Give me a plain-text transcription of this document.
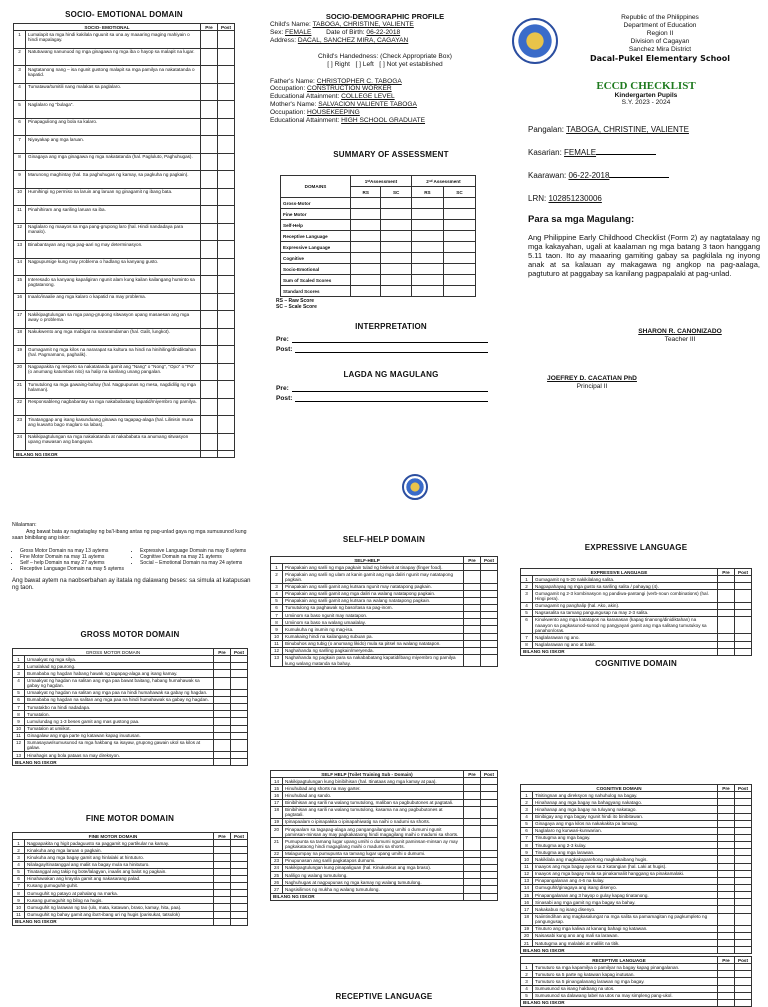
SOCIO- EMOTIONAL DOMAIN
SOCIO- EMOTIONAL		Pre	Post
1	Lumalapit sa mga hindi kakilala nguunit sa una ay maaaring maging mahiyain o hindi mapalagay.		
2	Natutuwang nanunuod ng mga ginagawa ng mga iba o hayop sa malapit na lugar.		
3	Nagtatanong nang – isa ngunit gustong malapit sa mga pamilya na nakatatanda o kapatid.		
4	Tumatawa/tumitili nang malakas sa paglalaro.		
5	Naglalaro ng "bulaga".		
6	Pinapaguliong ang bola sa kalaro.		
7	Niyayakap ang mga laruan.		
8	Ginagaya ang mga ginagawa ng mga nakatatanda (hal. Pagluluto, Paghuhugas).		
9	Marunong maghintay (hal. Sa paghuhugas ng kamay, sa pagkuha ng pagkain).		
10	Humihingi ng permiso na laruin ang laruan ng ginagamit ng ibang bata.		
11	Pinahihiram ang sariling laruan sa iba.		
12	Naglalaro ng maayos sa mga pang-grupong laro (hal. Hindi nandadaya para manalo).		
13	Binabantayan ang mga pag-aari ng may determinasyon.		
14	Nagpupursige kung may problema o hadlang sa kanyang gusto.		
15	Interesado sa kanyang kapaligiran ngunit alam kung kailan kailangang huminto sa pagtatanong.		
16	Inaalo/inaalie ang mga kalaro o kapatid na may problema.		
17	Nakikipagtulungan sa mga pang-grupong sitwasyon upang masaesan ang mga away o problema.		
18	Nakukwento ang mga mabigat na nararamdaman (hal. Galit, lungkot).		
19	Gumagamit ng mga kilos na nararapat sa kultura na hindi na hinihiling/dinidiktahan (hal. Pagmamano, paghalik).		
20	Nagpapakita ng respeto sa nakatatanda gamit ang "Nang" o "Nong", "Opo" o "Po" (o anumang katumbas nito) sa halip na kanilang unang pangalan.		
21	Tumutulong sa mga gawaing-bahay (hal. Nagpupunas ng mesa, nagdidilig ng mga halaman).		
22	Responsableng nagbabantay sa mga nakababatang kapatid/miyembro ng pamilya.		
23	Tinatanggap ang isang kasunduang ginawa ng tagapag-alaga (hal. Lilinisin muna ang kuwarto bago maglaro sa labas).		
24	Nakikipagtulungan sa mga nakakatanda at nakababata sa anumang sitwasyon upang mawasan ang bangayan.		
BILANG NG ISKOR			
SOCIO-DEMOGRAPHIC PROFILE
Child's Name: TABOGA, CHRISTINE, VALIENTE
Sex: FEMALE Date of Birth: 06-22-2018
Address: DACAL, SANCHEZ MIRA, CAGAYAN
Child's Handedness: (Check Appropriate Box)
[ ] Right   [ ] Left   [ ] Not yet established
Father's Name: CHRISTOPHER C. TABOGA
Occupation: CONSTRUCTION WORKER
Educational Attainment: COLLEGE LEVEL
Mother's Name: SALVACION VALIENTE TABOGA
Occupation: HOUSEKEEPING
Educational Attainment: HIGH SCHOOL GRADUATE
SUMMARY OF ASSESSMENT
DOMAINS	1ˢᵗAssessment		2ⁿᵈ Assessment	
	RS	SC	RS	SC
Gross-Motor				
Fine Motor				
Self-Help				
Receptive Language				
Expressive Language				
Cognitive				
Socio-Emotional				
Sum of Scaled Scores				
Standard Scores				
RS – Raw Score
SC – Scale Score
INTERPRETATION
Pre:
Post:
LAGDA NG MAGULANG
Pre:
Post:
Republic of the Philippines
Department of Education
Region II
Division of Cagayan
Sanchez Mira District
Dacal-Pukel Elementary School
ECCD CHECKLIST
Kindergarten Pupils
S.Y. 2023 - 2024
Pangalan: TABOGA, CHRISTINE, VALIENTE
Kasarian: FEMALE
Kaarawan: 06-22-2018
LRN: 102851230006
Para sa mga Magulang:
Ang Philippine Early Childhood Checklist (Form 2) ay nagtatalaay ng mga kakayahan, ugali at kaalaman ng mga batang 3 taon hanggang 5.11 taon. Ito ay maaaring gamiting gabay sa pagkilala ng inyong anak at sa kalauan ay makagawa ng angkop na pag-aalaga, pagtuturo at paggabay sa kanilang pagpapalaki at pag-unlad.
SHARON R. CANONIZADO
Teacher III
JOEFREY D. CACATIAN PhD
Principal II
Nilalaman:
Ang bawat bata ay nagtataglay ng ba'l-ibang antas ng pag-unlad gaya ng mga sumusunod kung saan binibilang ang iskor:
• Gross Motor Domain na may 13 aytems
• Fine Motor Domain na may 11 aytems
• Self – help Domain na may 27 aytems
• Receptive Language Domain na may 5 aytems
• Expressive Language Domain na may 8 aytems
• Cognitive Domain na may 21 aytems
• Social – Emotional Domain na may 24 aytems
Ang bawat aytem na naobserbahan ay itatala ng dalawang beses: sa simula at katapusan ng taon.
GROSS MOTOR DOMAIN
GROSS MOTOR DOMAIN		Pre	Post
1	Umaakyat ng mga silya.		
2	Lumalakad ng paurong.		
3	Bumababa ng hagdan habang hawak ng tagapag-alaga ang isang kamay.		
4	Umaakyat ng hagdan na salitan ang mga paa bawat baitang, habang humahawak sa gabay ng hagdan.		
5	Umaakyat ng hagdan na salitan ang mga paa na hindi humahawak sa gabay ng hagdan.		
6	Bumababa ng hagdan na salitan ang mga paa na hindi humahawak sa gabay ng hagdan.		
7	Tumatakbo na hindi nadadapa.		
8	Tumatalon.		
9	Lumulundag ng 1-3 beses gamit ang mas gustong paa.		
10	Tumatalon at umiikot.		
11	Ginagalaw ang mga parte ng katawan kapag inuutusan.		
12	Sumasayaw/sumusunod sa mga hakbang sa isayaw, grupong gawain ukol sa kilos at galaw.		
13	Hinahagis ang bola pataas na may direksyon.		
BILANG NG ISKOR			
FINE MOTOR DOMAIN
FINE MOTOR DOMAIN		Pre	Post
1	Nagpapakita ng higit padaguusto sa paggamit ng partikular na kamay.		
2	Kinakuha ang mga laruan o pagkain.		
3	Kinukuha ang mga bagay gamit ang hinlalaki at hintuturo.		
4	Nilalagay/tinatanggal ang maliit na bagay mula sa hinituturo.		
5	Tinatanggal ang takip ng bote/lalagyan, inaalis ang balot ng pagkain.		
6	Hinahawakan ang krayola gamit ang nakasarang palad.		
7	Kusang gumuguhit-guhit.		
8	Gumuguhit ng patayo at pahalang na marka.		
9	Kusang gumuguhit ng bilog na hugis.		
10	Gumuguhit ng larawan ng tao (ulo, mata, katawan, braso, kamay, hita, paa).		
11	Gumuguhit ng bahay gamit ang iba't-ibang uri ng hugis (parisukat, tatsulok)		
BILANG NG ISKOR			
SELF-HELP DOMAIN
SELF-HELP		Pre	Post
1	Pinapakain ang sarili ng mga pagkain tulad ng biskwit at tinapay (finger food).		
2	Pinapakain ang sarili ng ulam at kanin gamit ang mga daliri ngunit may natatapong pagkain.		
3	Pinapakain ang sarili gamit ang kutsara ngunit may natatapong pagkain.		
4	Pinapakain ang sarili gamit ang mga daliri na walang natatapong pagkain.		
5	Pinapakain ang sarili gamit ang kutsara na walang natatapong pagkain.		
6	Tumutulong sa paghawak ng baso/tasa sa pag-inom.		
7	Umiinom sa baso ngunit may natatapon.		
8	Umiinom sa baso na walang umaalalay.		
9	Kumukuha ng inumin ng mag-isa.		
10	Kumakaing hindi na kailangang subuan pa.		
11	Binubuhos ang tubig (o anumang likido) mula sa pitsel na walang natatapon.		
12	Naghahanda ng sariling pagkain/meryenda.		
13	Naghahanda ng pagkain para sa nakababatang kapatid/ibang miyembro ng pamilya kung walang matanda sa bahay.		
SELF HELP (Toilet Training Sub - Domain)		Pre	Post
14	Nakikipagtulungan kung binibihisan (hal. Itinataas ang mga kamay at paa).		
15	Hinuhubad ang shorts na may garter.		
16	Hinuhubad ang sando.		
17	Binibihisan ang sarili na walang tumutulong, maliban sa pagbubutones at pagtatali.		
18	Binibihisan ang sarili na walang tumutulong, kasama na ang pagbubutones at pagtatali.		
19	Ipinapaalam o ipinapakita o ipinapahiwatig na naihi o nadumi sa shorts.		
20	Pinapaalam sa tagapag-alaga ang pangangailangang umihi o dumumi ngunit paminsan-minsan ay may pagkakataong hindi magagilang maihi o madumi sa shorts.		
21	Pumupunta sa tamang lugar upang umihi o dumumi ngunit paminsan-minsan ay may pagkakataong hindi magagilang maihi o madumi sa shorts.		
22	Malagumpay na pumupunta sa tamang lugar upang umihi o dumumi.		
23	Pinupunasan ang sarili pagkatapos dumumi.		
24	Nakikipagtulungan kung pinapaliguan (hal. Kinukuskus ang mga braso).		
25	Naliligo ng walang tumutulong.		
26	Naghuhugas at nagpupunas ng mga kamay ng walang tumutulong.		
27	Nagsisilimos ng mukha ng walang tumutulong.		
BILANG NG ISKOR			
RECEPTIVE LANGUAGE
EXPRESSIVE LANGUAGE
EXPRESSIVE LANGUAGE		Pre	Post
1	Gumagamit ng 5-20 nakikilalang salita.		
2	Nagpapahayag ng mga gusto sa sariling salita / pahayag (4).		
3	Gumagamit ng 2-3 kombinasyon ng pandiwa-pantangi (verb-noun combinations) (hal. Hingi pera).		
4	Gumagamit ng panghalip (hal. Ako, akin).		
5	Nagsasalita sa tamang pangungusap na may 2-3 salita.		
6	Kinukwento ang mga katatapos na karanasan (kapag tinanong/dinidiktahan) na naaayon sa pagkasunod-sunod ng pangyayari gamit ang mga salitang tumutukoy sa panahon/oras.		
7	Naglalarawan ng ano.		
8	Naglalarawan ng ano at bakit.		
BILANG NG ISKOR			
COGNITIVE DOMAIN
COGNITIVE DOMAIN		Pre	Post
1	Tinitingnan ang direksyon ng nahuhulog na bagay.		
2	Hinahanap ang mga bagay na bahagyang nakatago.		
3	Hinahanap ang mga bagay na tuluyang nakatago.		
4	Binibigay ang mga bagay ngunit hindi ito binibitawan.		
5	Ginagaya ang mga kilos na nakakakita pa lamang.		
6	Naglalaro ng kunwari-kunwarian.		
7	Tinutugma ang mga bagay.		
8	Tinutugma ang 2-3 kulay.		
9	Tinutugma ang mga larawan.		
10	Nakikilala ang magkakaparehong magkakaibang hugis.		
11	Inaayos ang mga bagay ayon sa 2 katangian (hal. Laki at hugis).		
12	Inaayos ang mga bagay mula sa pinakamaliit hanggang sa pinakamalaki.		
13	Pinapangalanan ang 4-6 na kulay.		
14	Gumuguhit/ginagaya ang isang disenyo.		
15	Pinapangalanan ang 3 hayop o gulay kapag tinatanong.		
16	Sinasabi ang mga gamit ng mga bagay sa bahay.		
17	Nakakabuo ng isang disenyo.		
18	Naiintindihan ang magkasalungat na mga salita sa pamamagitan ng pagkumpleto ng pangungusap.		
19	Tinuturo ang mga kaliwa at kanang bahagi ng katawan.		
20	Naisasabi kung ano ang mali sa larawan.		
21	Natutugma ang malalaki at maliliit na titik.		
BILANG NG ISKOR			
RECEPTIVE LANGUAGE		Pre	Post
1	Tumuturo sa mga kapamilya o pamilyar na bagay kapag pinangalanan.		
2	Tumuturo sa 5 parte ng katawan kapag inutusan.		
3	Tumuturo sa 5 pinangalanang larawan ng mga bagay.		
4	Sumusunod sa isang hakbang na utos.		
5	Sumusunod sa dalawang label na utos na may simpleng pang-ukol.		
BILANG NG ISKOR			
